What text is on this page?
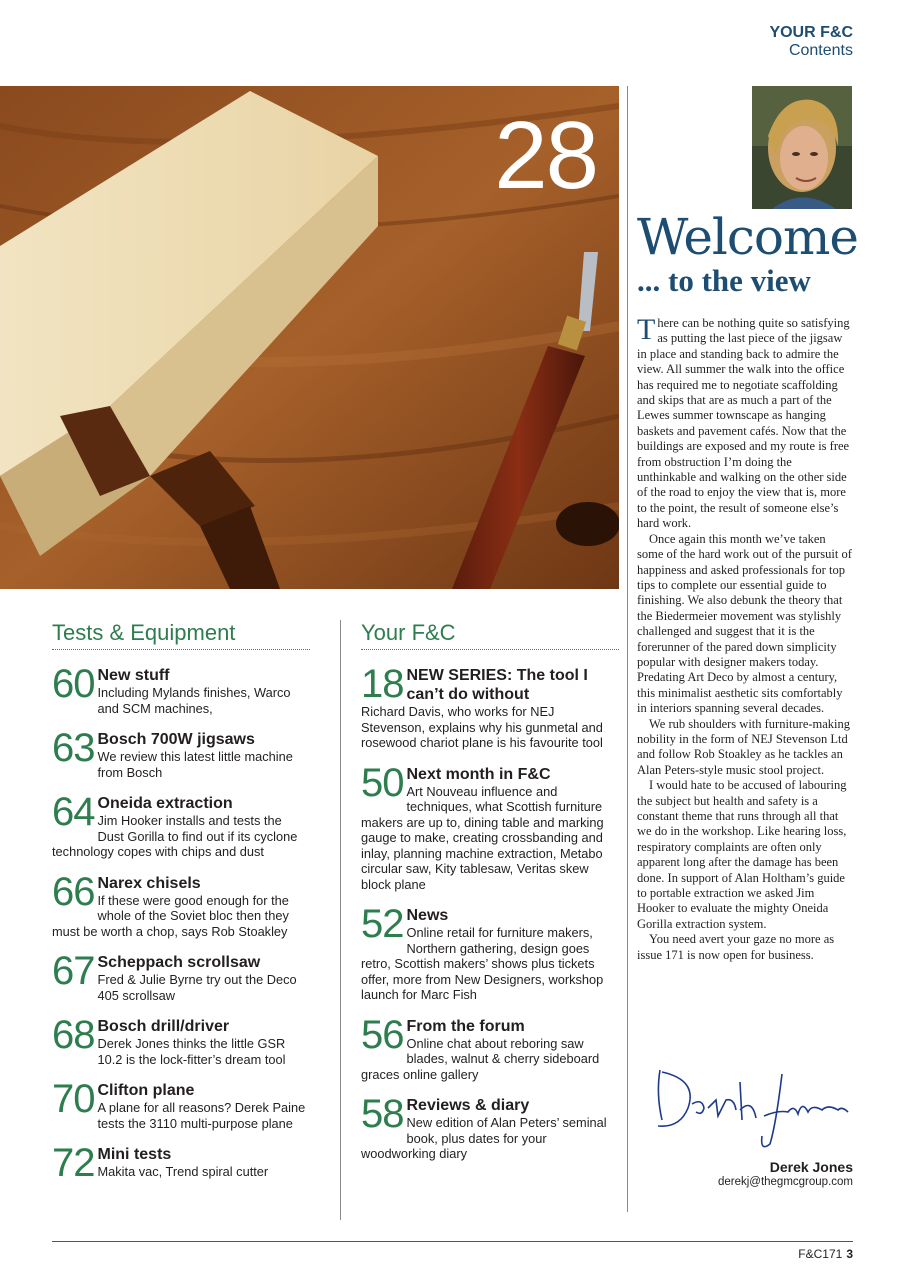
YOUR F&C
Contents
28
Tests & Equipment
60 New stuff
Including Mylands finishes, Warco and SCM machines,
63 Bosch 700W jigsaws
We review this latest little machine from Bosch
64 Oneida extraction
Jim Hooker installs and tests the Dust Gorilla to find out if its cyclone technology copes with chips and dust
66 Narex chisels
If these were good enough for the whole of the Soviet bloc then they must be worth a chop, says Rob Stoakley
67 Scheppach scrollsaw
Fred & Julie Byrne try out the Deco 405 scrollsaw
68 Bosch drill/driver
Derek Jones thinks the little GSR 10.2 is the lock-fitter’s dream tool
70 Clifton plane
A plane for all reasons? Derek Paine tests the 3110 multi-purpose plane
72 Mini tests
Makita vac, Trend spiral cutter
Your F&C
18 NEW SERIES: The tool I can’t do without
Richard Davis, who works for NEJ Stevenson, explains why his gunmetal and rosewood chariot plane is his favourite tool
50 Next month in F&C
Art Nouveau influence and techniques, what Scottish furniture makers are up to, dining table and marking gauge to make, creating crossbanding and inlay, planning machine extraction, Metabo circular saw, Kity tablesaw, Veritas skew block plane
52 News
Online retail for furniture makers, Northern gathering, design goes retro, Scottish makers’ shows plus tickets offer, more from New Designers, workshop launch for Marc Fish
56 From the forum
Online chat about reboring saw blades, walnut & cherry sideboard graces online gallery
58 Reviews & diary
New edition of Alan Peters’ seminal book, plus dates for your woodworking diary
Welcome
... to the view

There can be nothing quite so satisfying as putting the last piece of the jigsaw in place and standing back to admire the view. All summer the walk into the office has required me to negotiate scaffolding and skips that are as much a part of the Lewes summer townscape as hanging baskets and pavement cafés. Now that the buildings are exposed and my route is free from obstruction I’m doing the unthinkable and walking on the other side of the road to enjoy the view that is, more to the point, the result of someone else’s hard work.

Once again this month we’ve taken some of the hard work out of the pursuit of happiness and asked professionals for top tips to complete our essential guide to finishing. We also debunk the theory that the Biedermeier movement was stylishly challenged and suggest that it is the forerunner of the pared down simplicity popular with designer makers today. Predating Art Deco by almost a century, this minimalist aesthetic sits comfortably in interiors spanning several decades.

We rub shoulders with furniture-making nobility in the form of NEJ Stevenson Ltd and follow Rob Stoakley as he tackles an Alan Peters-style music stool project.

I would hate to be accused of labouring the subject but health and safety is a constant theme that runs through all that we do in the workshop. Like hearing loss, respiratory complaints are often only apparent long after the damage has been done. In support of Alan Holtham’s guide to portable extraction we asked Jim Hooker to evaluate the mighty Oneida Gorilla extraction system.

You need avert your gaze no more as issue 171 is now open for business.

Derek Jones
derekj@thegmcgroup.com
F&C171 3
